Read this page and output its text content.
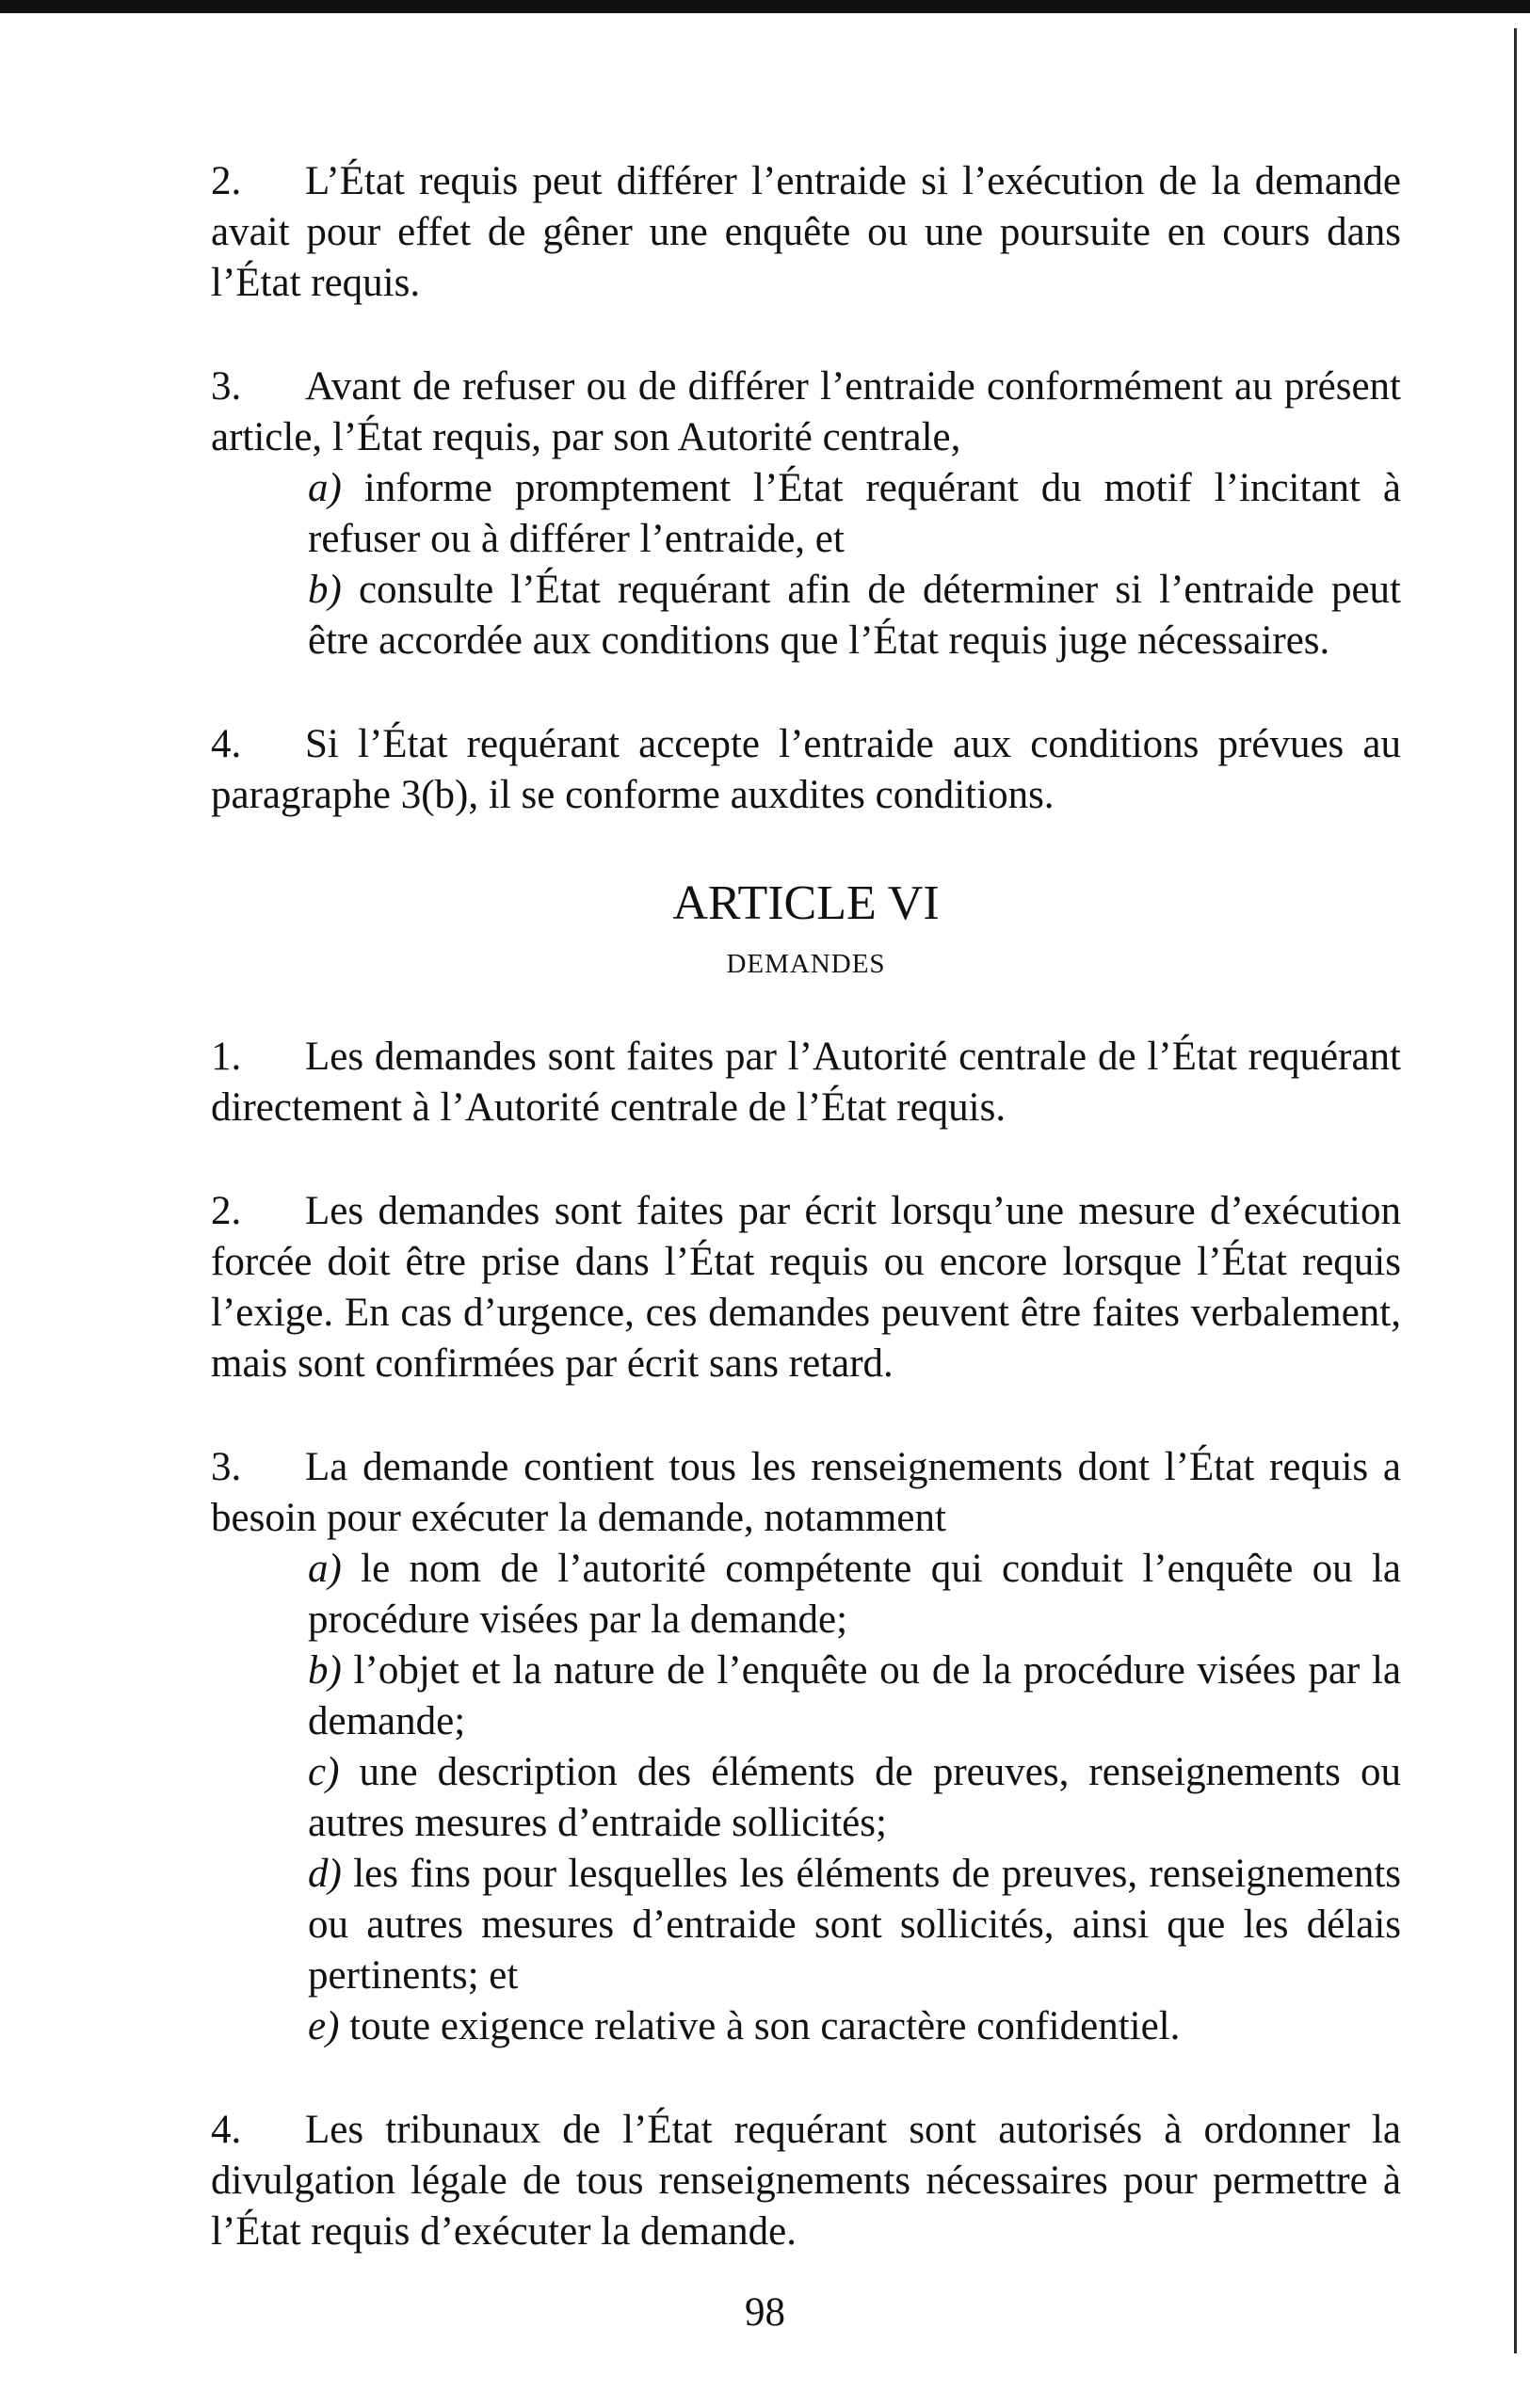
2. L’État requis peut différer l’entraide si l’exécution de la demande avait pour effet de gêner une enquête ou une poursuite en cours dans l’État requis.
3. Avant de refuser ou de différer l’entraide conformément au présent article, l’État requis, par son Autorité centrale,
a) informe promptement l’État requérant du motif l’incitant à refuser ou à différer l’entraide, et
b) consulte l’État requérant afin de déterminer si l’entraide peut être accordée aux conditions que l’État requis juge nécessaires.
4. Si l’État requérant accepte l’entraide aux conditions prévues au paragraphe 3(b), il se conforme auxdites conditions.
ARTICLE VI
DEMANDES
1. Les demandes sont faites par l’Autorité centrale de l’État requérant directement à l’Autorité centrale de l’État requis.
2. Les demandes sont faites par écrit lorsqu’une mesure d’exécution forcée doit être prise dans l’État requis ou encore lorsque l’État requis l’exige. En cas d’urgence, ces demandes peuvent être faites verbalement, mais sont confirmées par écrit sans retard.
3. La demande contient tous les renseignements dont l’État requis a besoin pour exécuter la demande, notamment
a) le nom de l’autorité compétente qui conduit l’enquête ou la procédure visées par la demande;
b) l’objet et la nature de l’enquête ou de la procédure visées par la demande;
c) une description des éléments de preuves, renseignements ou autres mesures d’entraide sollicités;
d) les fins pour lesquelles les éléments de preuves, renseignements ou autres mesures d’entraide sont sollicités, ainsi que les délais pertinents; et
e) toute exigence relative à son caractère confidentiel.
4. Les tribunaux de l’État requérant sont autorisés à ordonner la divulgation légale de tous renseignements nécessaires pour permettre à l’État requis d’exécuter la demande.
98
